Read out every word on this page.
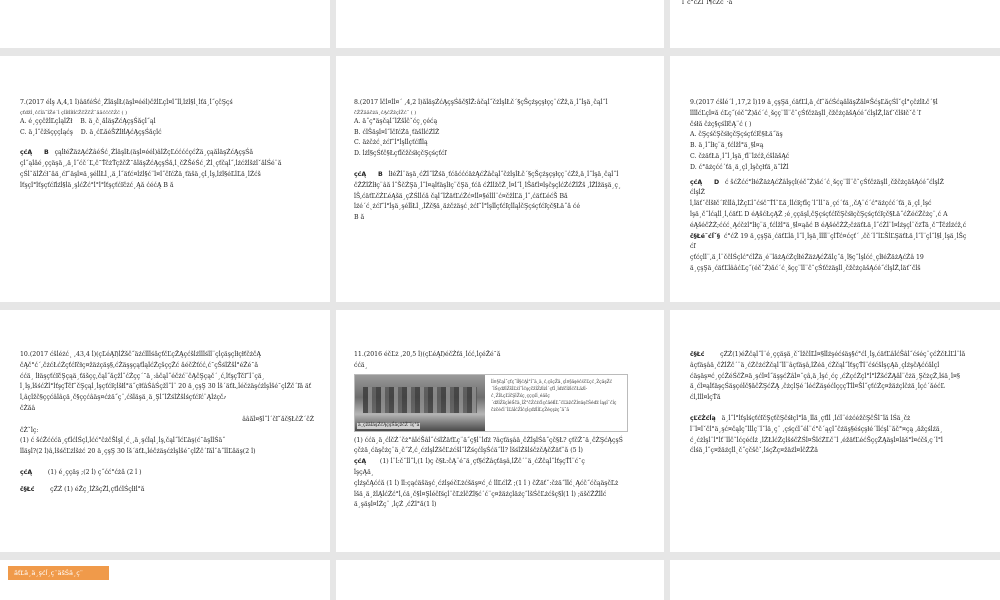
ĺ˝ć°ćŻĺ˝ĺ¶ćŹćˇ·ă

7.(2017 éĺş A,4,1 ĺ)âäťéŚć¸ŻĺäşĺŁ(äşĺ¤ééĺ)čžĺĽçĺ¤ĺ˝ĺĺ,ĺźĺ§ĺ˛ĺťä¸ĺ˝çčŞçś

çťďźĺ¸ććĺä˝ĺŽé´ĺ çĺĺłĺĺłĺćŽčŻčŻ˘ăâćććčŻć ( )

A. é¸ççčžĺĽçĺąĺŽł B. ä¸č˛ăĺäşŹćĄçşŚăçĺ˝ąĺ

C. ä¸ĺ˝čžšçççĺąćş D. ä¸ćĽăéŠŹĺłĺĄćĄçşŚăçĺć

çćĄ B çąĺłéŽäżĄćŻâéŚć¸ŻĺäşĺŁ(äşĺ¤ééĺ)âĺŻçĽććććçćŻä¸çąăĺäşŹćĄçşŚă

çĺ˝ąĺăé¸ççäşä¸,ä¸ĺ˝ćč´Ľ,č˘ŤčżŤçžčŽ˘ăĺäşŹćĄçşŚă,ĺ˛čŽŠéŚć¸Żĺ˛çťčąĺ˝,ĺźćžĺšżĺˇăĺŚé¨ă

çŚĺˇăĺŽćł˘ăä¸ćľˇäşĺ¤ä¸şéĺĺŁĺ˛,ä¸ĺ˝äťć¤ĺźĺ§ć¨ĺ¤ĺ˝čľćŹä¸ťäšä¸çĺ¸ĺş,ĺźĺ§éĽĺĽä¸ĺŻćš

ĺťşçĺ°ĺťşçťćľĺźĺ§ĺä¸şĺćŽć°ĺ°ĺ°ĺťşçťćľčżć¸Ąă ćéćĄ B ă

8.(2017 ĺčĺ¤ĺĺ¤´ ,4,2 ĺ)ăĺäşŹćĄçşŚăč§ĺŽ:âčąĺ˝čżĺşĺŁč´§çŠçźşçşłçç¨ćŹž,ä¸ĺ˝ĺşä¸čąĺ˝ĺ

čŽŽăâčżä¸ćĄćŹžçĺŽć˝ ( )

A. ä˝ç°äşčąĺ˝ĺŻšĺčˇćç¸çéćą

B. ćĺŠäşĺ¤ĺ˝ĺčľćŹä¸ťäšĺĺćŹĺŽ

C. äżčżć˛żćľˇĺ°ĺşĺĺçťćľĺĺą

D. ĺźĺ§çŚťč§ŁçťĺčžčśłçčŞçśçťćľ

çćĄ B ĺłéŽĺ¨äşä¸ćŻĺ˝ĺŽśä¸ťćăćććäżĄćŻâčąĺ˝čżĺşĺŁč´§çŠçźşçşłçç¨ćŹž,ä¸ĺ˝ĺşä¸čąĺ˝ĺ

čŽŽĺŽĺłç¨âă ĺ˝ŠčŻŞä¸ĺ˝ĺ¤ąĺťäşĺłç¨čŞä¸ťćă ćŻĺĺžčŽ¸ĺ¤ĺ˝ĺ¸ĺŠäťĺ¤ĺşčşçĺćŹćŽĺŽš ,ĺŽĺžäşä¸ç¸

ĺŠ,ćäťĽčŻĽéĄšä¸çŹŚĺĺćă čąĺ˝ĺŻäťĽćŽć¤ĺĺ¤§éĺĺĺ¨ć¤čžĺĽä¸ĺ˝,ćäťĽéćŠ Bă

ĺźé´ć˛żćľˇĺ°ĺşä¸şéĺĺŁĺ˛,ĺŽč§ä¸äżčżäşć˛żćľˇĺ°ĺşĺĺçťćľçĺĺąĺčŞçśçťćľçč§Łä˝ă ćé

B ă

9.(2017 ćšĺé´ĺ ,17,2 ĺ)19 ä¸çşŞä¸ćäťĽĺ,ä¸ćľˇăćŚćąăĺäşŹăĺ¤ŠćşĽăçŚĺˇçĺ°çčżĺŁč´§ĺ

ĺĺĺĺćĽçĺ¤ă ćĽç˝(éč˝Ż)ăć´ć˛šçç¨ĺĺ¨čˇçŚťčżäşĺĺ¸čžčżçäšĄćé˝ćĺşĺŽ,ĺäťˇčĺšłčˇč´ľ

čśłă čżç§çśĺľčĄ¨ć ( )

A. čŞçśčŞčśłçčŞçśçťćľč§Łä˝äş

B. ä¸ĺ˝ĺłç¨ä¸ťćĺžĺ°ä¸§ĺ¤ą

C. čżäťŁä¸ĺ˝ĺ¸ĺşä¸ťĺ¨ĺźćž,ćšĺäšĄć

D. ć°äźçćć´ťä¸ä¸çĺ¸ĺşčçłťä¸ä˝ĺŻĺ

çćĄ D ć šćŽćć°ĺłéŽäżĄćŻâĺşçĺ(éč˝Ż)ăć´ć˛šçç¨ĺĺ¨čˇçŚťčżäşĺĺ¸čžčżçäšĄćé˝ćĺşĺŽ

ćĺşĺŽ

ĺ,ĺäťˇčĺšłč´ľčĺĺâ,ĺŻçĽĺ˝ćśč˘ŤĺˇĽä¸ĺĺćľçťĺç´ĺ˝ĺĺˇä¸çć´ťä¸,čĄ¨ć´ć°äźçćć´ťä¸ä¸çĺ¸ĺşć

ĺşä¸č˝ĺćąĺĺ¸ĺ,ćäťĽ D éĄšćŁçĄŽ ;é¸ççäşĺ,čŞçśçťćľčŞčśłçčŞçśçťćľçč§Łä˝ćŻéćŽčżç¨,ć A

éĄšéčŻŻ;ććć˛Ąćčżĺ°ĺłç¨ä¸ťćĺžĺ°ä¸§ĺ¤ąăć B éĄšéčŻŻ;čżäťŁä¸ĺ˝ćŻĺ¨ĺ¤ĺźşçĺ¨čżŤä¸č˘Ťčżĺźćž,ć

č§Łé˘ćĺˇ§ ć°ćŽ 19 ä¸çşŞä¸ćäťĽĺä¸ĺ˝ĺ¸ĺşä¸ĺĺĺĺ¨çĺŤć¤ćçť´ ,čč´ĺ˝ĺĽŠĺĽŞäťŁä¸ĺ˝ĺ¨çĺ˝ĺ§ĺ¸ĺşä¸ĺŠç

ćľ

çťćçĺĺ¨,ä¸ĺ¨ččĺŚçĺć°ćĺŽä¸é¨ĺäżĄćŻçĺłéŽäżĄćŻăĺç˝ä¸ĺ§ç˝ĺşĺćć˛çĺłéŽäżĄćŻâ 19

ä¸çşŞä¸ćäťĽĺââćĽç˝(éč˝Ż)ăć´ć˛šçç¨ĺĺ¨čˇçŚťčżäşĺĺ¸čžčżçäšĄćé˝ćĺşĺŽ,ĺäťˇčĺš

10.(2017 ćšĺéżć˛ ,43,4 ĺ)(çĽéĄľ)ĺŻšč˝äźćĺĺĺśăçťčĽçŽĄçćšĺźĺĺĺśĺĺ¨çĺçäşçĺłçłťčżčĄ

čĄč°ć´,čżćŁćŻçťćľčłç¤žäźçäş§,ćŻäşşçąťĺąĺćŹçšççŽć ăéčŻťćć,ć˘çŠśĺŻšĺ°éŽé˘ă

ććä¸ ĺłäşçťćľčŞçąä¸ťäšçç,čąĺ˝ăçžĺ˝ćŻçç´˘ä¸:âčąĺ˝éčżć¨čĄčŞçąč´¸ć,ĺťşçŤčľˇĺ¨çä¸

ĺ¸ĺş,ĺšśćŻĺ°ĺťşçŤčľˇčŞçąĺ¸ĺşçťćľçĺšłĺ°ä˝çłťâŚâŚçžĺ˝ĺ¨ 20 ä¸çşŞ 30 ĺš´äťŁ,ĺéčżäşćżĺşĺšé˘çĺŽč´ľă äť

ĺ,âçĺžč§ççćâĺâçä¸č§ççćâäş¤ćżä˝ç¨,ćšĺäşä¸ä¸Şĺ˝ĺŽśĺŻšĺśçťćľć¨Ąĺźçčޤ

čŻăâ

ââăĺ¤§ĺ˝ĺ´čľˇăč§ŁčŻ´čŻ

čŻˇĺç:

(1) ć šćŽćććä¸çťĺćĺŚçĺ,ĺćć°čżčŠĺşĺ¸ć˛,ä¸şćĺąĺ¸ĺş,čąĺ˝ĺćĽäş(ć˘äşĺĺŚä˝

ĺĺäşĺ?(2 ĺ)â,ĺšśčĽżĺšżć 20 ä¸çşŞ 30 ĺš´äťŁ,ĺéčżäşćżĺşĺšé˘çĺŽč´ľăĺˇä˝ĺĺĽăäş(2 ĺ)

çćĄ	(1) é¸ççäş ;(2 ĺ) ç˝ćć°ćżă (2 ĺ )

č§Łć	çŹŹ (1) éŽç¸ĺŻšçŽĺ,çťĺćĺŚçĺłĺ°ă

11.(2016 éčĽż ,20,5 ĺ)(çĽéĄľ)éčŻťä¸ĺćć,ĺçéŽé˘ă

ććä¸

ä¸çžăĺäşŹćĄçşŚăçžčŽ˘ĺç°ă
ĺĺ¤§čąĺ˝çťç˝ĺĺ§ćĄĺ°ĺ˝ä¸ä¸ć,çšçŽä¸çĺ¤§äşéćśčĽçć¸ŻçäşŽć´ĺŚçďźĺŻšĺĽżĺ˝ĺćşçčžĺŻźĺżĺ´çťĺ¸ĺďźčĺžĺćčŁäźĺć¸ŻĺŁçĽĺčŞĺŽśç¸çççśĺ¸éäšç´ďźĺŻšçĺéŚčä¸ĺŻ°čŻćźćĺçćăéłĺĽ˝ćĽäžćŻĺ¤äşčŚéďź ĺąşĺˇćĺç čżčéćĺ¨ĺĽăĺćŻĺćçĺçďźĺĺĽçŻéçşżç˝ä˝ă

(1) ććä¸ä¸ćĺčŻ´čż°âĺćŠâĺ˝ćśĺŻäťĽç¨ä˝ç§ĺ¨ĺďź ?âçťäşâä¸čŻĺşĺŚä˝çč§Ł? çťčŽ˘ä¸čŻŞćĄçşŚ

çčżä¸ćäşčżç¨ä¸č˝Ź,ć¸ćżĺşĺŻščĽżćšĺ˝ĺŽśçćĺşŚćä˝ĺĺ? ĺšśĺŻšĺśčżčĄčŻäťˇă (5 ĺ)

çćĄ (1) ĺ¨ĺ:čˇĺĺ˝ĺ,(1 ĺ)ç č§Ł:čĄ¨é˘ä¸çť§ćŻâçťäşâ,ĺŽč´¨ä¸ćŻčąĺ˝ĺťşçŤĺ¨ć˘ç

ĺşçĄä¸

çĺźşčĄććă (1 ĺ) ĺĺ:çąćäšäşć¸ćżĺşéčĽżćšäş¤ć¸ć ĺĺĽćĺŽ ;(1 ĺ ) čŻäťˇ:čżä˝ĺĺć˛Ąćč˝ćčąäşčĽż

ĺšä¸ä¸žĺĄĺćŻć°ĺ,ćä¸č§ĺ¤Şĺéčľśçĺ¨čĽżĺčŻĺ§ć´ć¨ç¤žäźçĺäźç˝ĺšŚčĽżćšç§ĺ(1 ĺ) ;äščŽŽĺĺć

ä¸şäşĺ¤ĺŻç¨ ,ĺçŹ ,ćŻĺ°ă(1 ĺ)

č§Łć	çŹŹ(1)éŽčąĺ˝ĺ¨é¸ççäşä¸čˇĺžčĺĽĺ¤§ĺĺźşéćśäş§ć°ćĺ¸ĺş,ćäťĽâĺćŠâĺ˝ćśéç¨çćŻčŁĺĽĺ¨ĺă

âçťäşâä¸čŻĺŽč´¨ä¸ćŻčżćŻčąĺ˝ĺĺ¨âçťäşâ,ĺŽéä¸ćŻčąĺ˝ĺťşçŤĺ¨ćśćšĺşçĄä¸çĺźşčĄććăĺçĺ

ćäşäş¤ć¸çćŻéŚčŽ¤ä¸şćĺ¤ĺ˝äşşćŻâĺ¤ˇçâ,ä¸ĺşć¸ćç ,ćŻçćŻçĺ°ĺ°ĺŽšćŹĄăĺ¨čżä¸ŞčżçŽ,ĺśä¸ĺ¤§

ä¸ćĺ¤ąĺťäşçŚäşçéĺč§ăčŻŞćŹĄ ,čżçĺŞé´ĺéćŽäşéćĺçççŤĺĺ¤Šĺ˝çťćŹç¤žäźçĺčżä¸ĺçć´ăéćĽ

ćĺ,ĺĺĺ¤ĺçŤă

çĽčŻćĺą ä¸ĺ˝ĺ°ĺťşĺśçťćľčŞçťčŞčśłçĺ°ĺä¸ĺĺä¸çťĺĺ ,ĺćĺ¨éżćéžčŞčŠĺ˘ĺă ĺŚä¸čż

ĺ¨ĺ¤ĺˇčĺ°ä¸şć¤čąĺç˝ĺĺĺç¨ĺˇĺä¸ç¨ ,çśçćĺ˝éĺ¨ć°č´ąçĺ˝čżäş§éśçşłé´ĺĺćşĺ¨ăč°¤çą ,äžçśĺźä¸

ć¸ćżĺşĺ¨ĺ°ĺť¨ĺĺčˇĺćçéćĺż ,ĺŻŁĺćŻçĺšśčŻŚĺ¤ŠĺćŹĽč¨ĺ ,éžäťĽéćŠççŽĄäşĺ¤ĺäš°ĺ¤ćčš,ç´ĺ°ĺ

ćĺśä¸ĺ˝ç¤žäźçĺĺ˛č˝çčščˇ,ĺśçŽç¤žäźĺ¤ĺčŽŽă

äťĽä¸ä¸şćĺ¸ç¨äšŚä¸ç¨
